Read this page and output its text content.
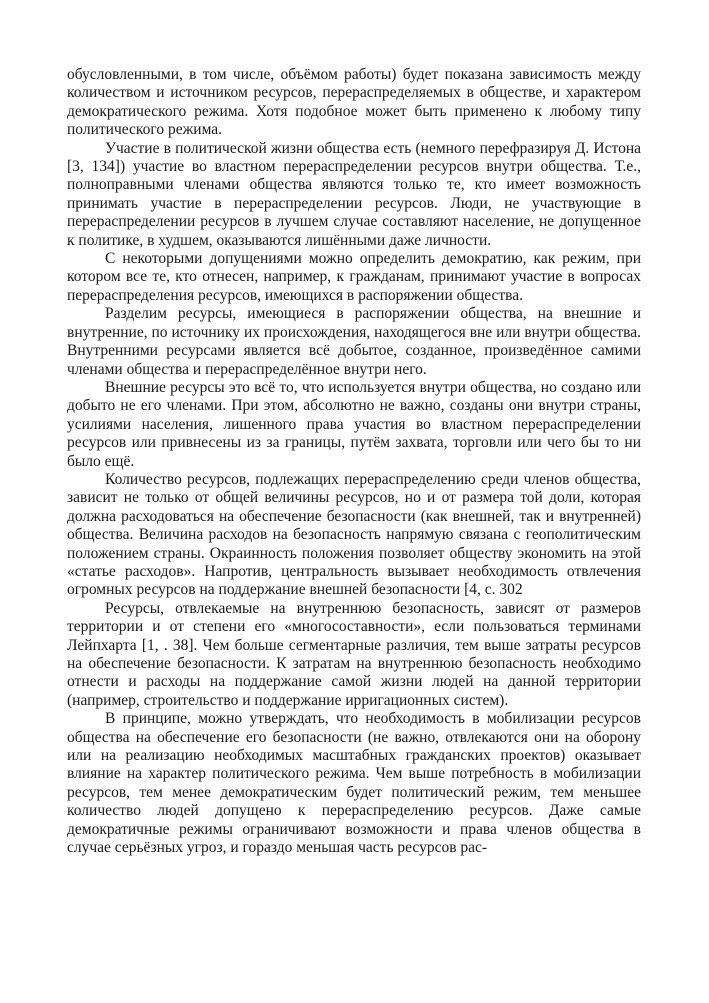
обусловленными, в том числе, объёмом работы) будет показана зависимость между количеством и источником ресурсов, перераспределяемых в обществе, и характером демократического режима. Хотя подобное может быть применено к любому типу политического режима.

Участие в политической жизни общества есть (немного перефразируя Д. Истона [3, 134]) участие во властном перераспределении ресурсов внутри общества. Т.е., полноправными членами общества являются только те, кто имеет возможность принимать участие в перераспределении ресурсов. Люди, не участвующие в перераспределении ресурсов в лучшем случае составляют население, не допущенное к политике, в худшем, оказываются лишёнными даже личности.

С некоторыми допущениями можно определить демократию, как режим, при котором все те, кто отнесен, например, к гражданам, принимают участие в вопросах перераспределения ресурсов, имеющихся в распоряжении общества.

Разделим ресурсы, имеющиеся в распоряжении общества, на внешние и внутренние, по источнику их происхождения, находящегося вне или внутри общества. Внутренними ресурсами является всё добытое, созданное, произведённое самими членами общества и перераспределённое внутри него.

Внешние ресурсы это всё то, что используется внутри общества, но создано или добыто не его членами. При этом, абсолютно не важно, созданы они внутри страны, усилиями населения, лишенного права участия во властном перераспределении ресурсов или привнесены из за границы, путём захвата, торговли или чего бы то ни было ещё.

Количество ресурсов, подлежащих перераспределению среди членов общества, зависит не только от общей величины ресурсов, но и от размера той доли, которая должна расходоваться на обеспечение безопасности (как внешней, так и внутренней) общества. Величина расходов на безопасность напрямую связана с геополитическим положением страны. Окраинность положения позволяет обществу экономить на этой «статье расходов». Напротив, центральность вызывает необходимость отвлечения огромных ресурсов на поддержание внешней безопасности [4, с. 302

Ресурсы, отвлекаемые на внутреннюю безопасность, зависят от размеров территории и от степени его «многосоставности», если пользоваться терминами Лейпхарта [1, . 38]. Чем больше сегментарные различия, тем выше затраты ресурсов на обеспечение безопасности. К затратам на внутреннюю безопасность необходимо отнести и расходы на поддержание самой жизни людей на данной территории (например, строительство и поддержание ирригационных систем).

В принципе, можно утверждать, что необходимость в мобилизации ресурсов общества на обеспечение его безопасности (не важно, отвлекаются они на оборону или на реализацию необходимых масштабных гражданских проектов) оказывает влияние на характер политического режима. Чем выше потребность в мобилизации ресурсов, тем менее демократическим будет политический режим, тем меньшее количество людей допущено к перераспределению ресурсов. Даже самые демократичные режимы ограничивают возможности и права членов общества в случае серьёзных угроз, и гораздо меньшая часть ресурсов рас-
